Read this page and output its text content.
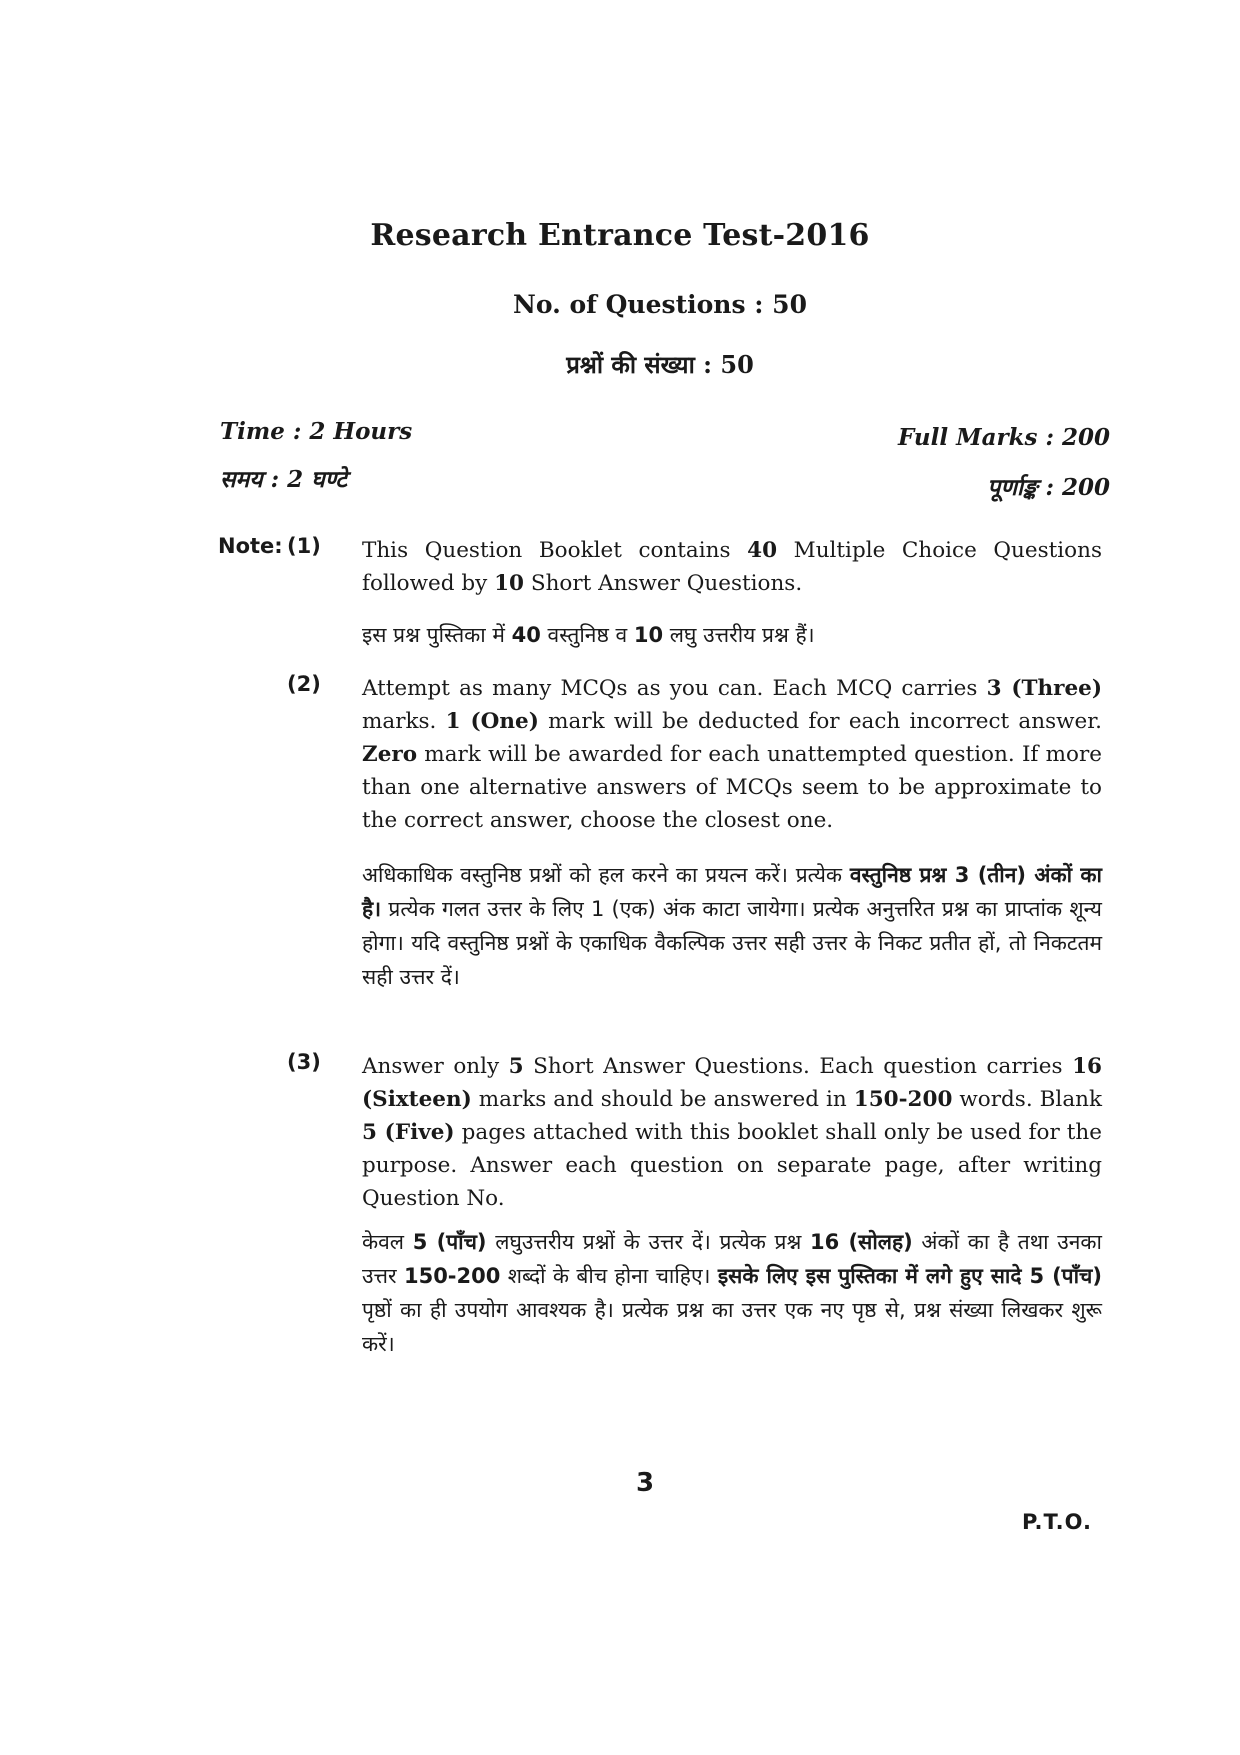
Research Entrance Test-2016
No. of Questions : 50
प्रश्नों की संख्या : 50
Time : 2 Hours
समय : 2 घण्टे
Full Marks : 200
पूर्णाङ्क : 200
Note: (1) This Question Booklet contains 40 Multiple Choice Questions followed by 10 Short Answer Questions.

इस प्रश्न पुस्तिका में 40 वस्तुनिष्ठ व 10 लघु उत्तरीय प्रश्न हैं।

(2) Attempt as many MCQs as you can. Each MCQ carries 3 (Three) marks. 1 (One) mark will be deducted for each incorrect answer. Zero mark will be awarded for each unattempted question. If more than one alternative answers of MCQs seem to be approximate to the correct answer, choose the closest one.

अधिकाधिक वस्तुनिष्ठ प्रश्नों को हल करने का प्रयत्न करें। प्रत्येक वस्तुनिष्ठ प्रश्न 3 (तीन) अंकों का है। प्रत्येक गलत उत्तर के लिए 1 (एक) अंक काटा जायेगा। प्रत्येक अनुत्तरित प्रश्न का प्राप्तांक शून्य होगा। यदि वस्तुनिष्ठ प्रश्नों के एकाधिक वैकल्पिक उत्तर सही उत्तर के निकट प्रतीत हों, तो निकटतम सही उत्तर दें।

(3) Answer only 5 Short Answer Questions. Each question carries 16 (Sixteen) marks and should be answered in 150-200 words. Blank 5 (Five) pages attached with this booklet shall only be used for the purpose. Answer each question on separate page, after writing Question No.

केवल 5 (पाँच) लघुउत्तरीय प्रश्नों के उत्तर दें। प्रत्येक प्रश्न 16 (सोलह) अंकों का है तथा उनका उत्तर 150-200 शब्दों के बीच होना चाहिए। इसके लिए इस पुस्तिका में लगे हुए सादे 5 (पाँच) पृष्ठों का ही उपयोग आवश्यक है। प्रत्येक प्रश्न का उत्तर एक नए पृष्ठ से, प्रश्न संख्या लिखकर शुरू करें।

3
P.T.O.
